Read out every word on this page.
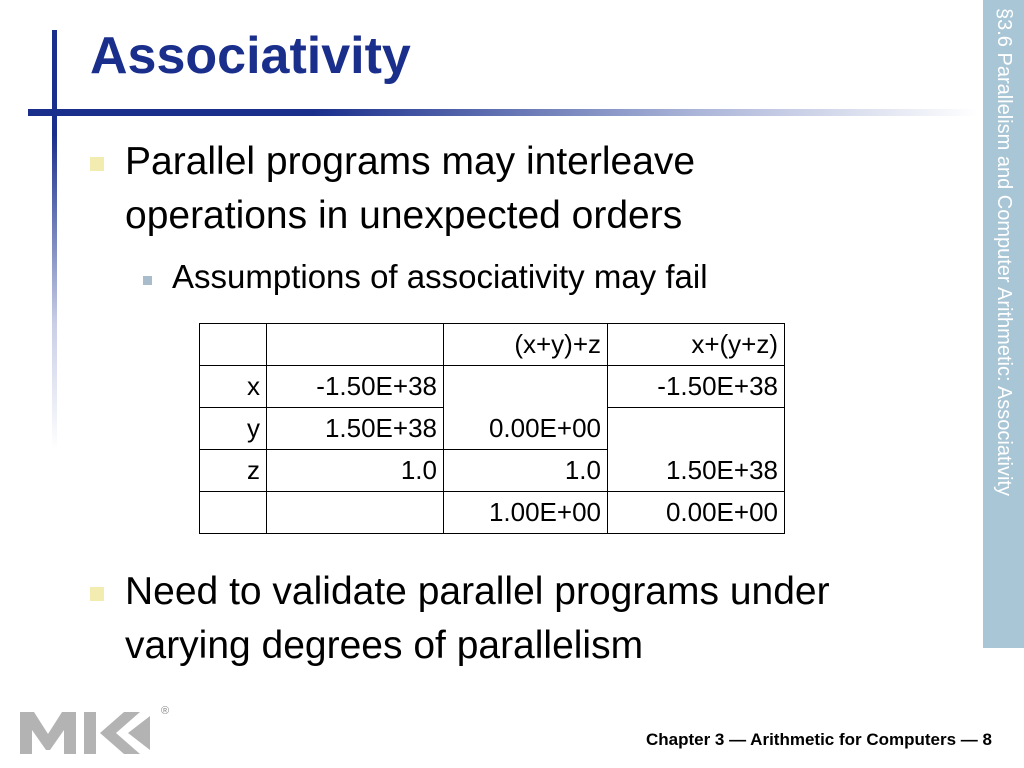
Associativity	§3.6 Parallelism and Computer Arithmetic: Associativity
Parallel programs may interleave
operations in unexpected orders
Assumptions of associativity may fail
		(x+y)+z	x+(y+z)
x	-1.50E+38		-1.50E+38
y	1.50E+38	0.00E+00	
z	1.0	1.0	1.50E+38
		1.00E+00	0.00E+00
Need to validate parallel programs under
varying degrees of parallelism
®
Chapter 3 — Arithmetic for Computers — 8
